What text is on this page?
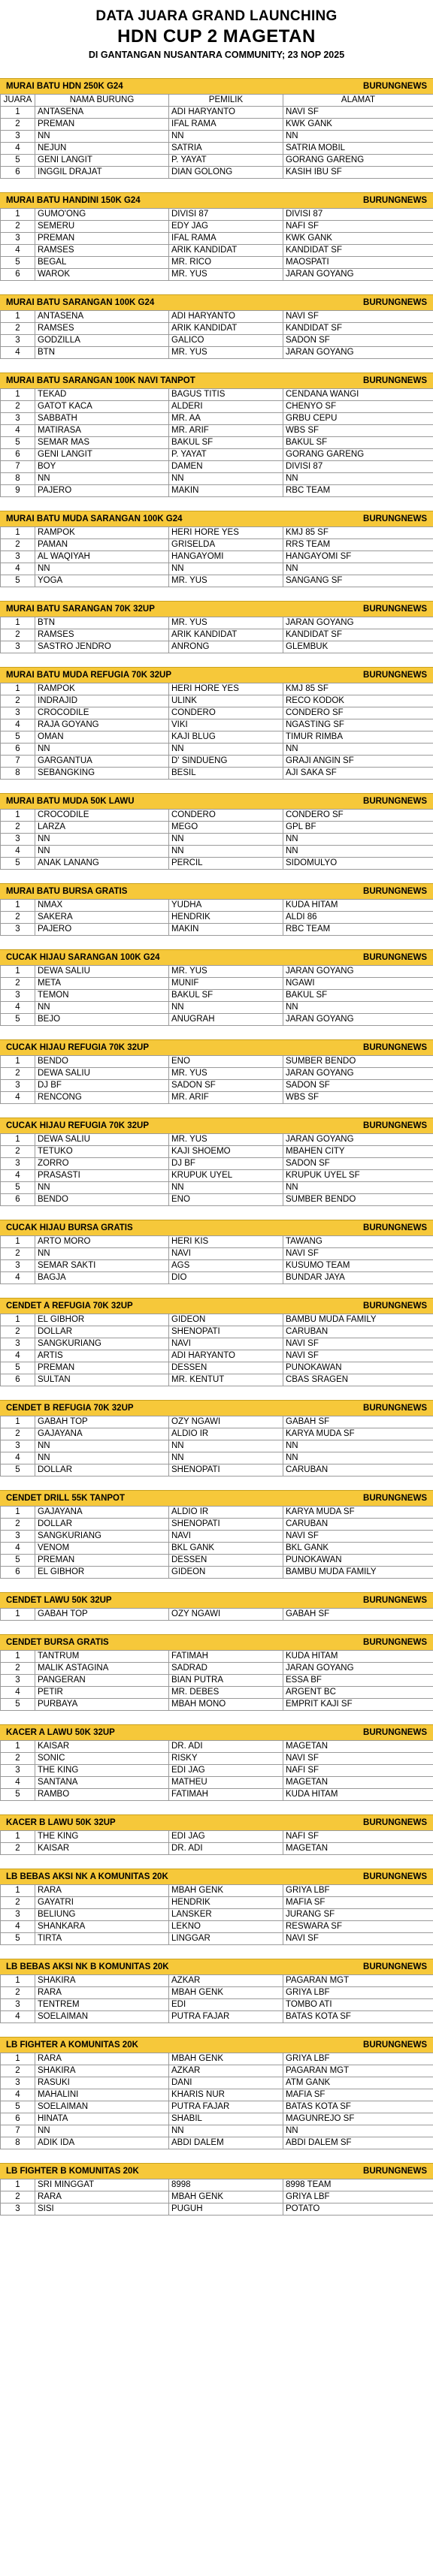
DATA JUARA GRAND LAUNCHING
HDN CUP 2 MAGETAN
DI GANTANGAN NUSANTARA COMMUNITY; 23 NOP 2025
MURAI BATU HDN 250K G24	BURUNGNEWS
JUARA	NAMA BURUNG	PEMILIK	ALAMAT
1	ANTASENA	ADI HARYANTO	NAVI SF
2	PREMAN	IFAL RAMA	KWK GANK
3	NN	NN	NN
4	NEJUN	SATRIA	SATRIA MOBIL
5	GENI LANGIT	P. YAYAT	GORANG GARENG
6	INGGIL DRAJAT	DIAN GOLONG	KASIH IBU SF
MURAI BATU HANDINI 150K G24	BURUNGNEWS
1	GUMO'ONG	DIVISI 87	DIVISI 87
2	SEMERU	EDY JAG	NAFI SF
3	PREMAN	IFAL RAMA	KWK GANK
4	RAMSES	ARIK KANDIDAT	KANDIDAT SF
5	BEGAL	MR. RICO	MAOSPATI
6	WAROK	MR. YUS	JARAN GOYANG
MURAI BATU SARANGAN 100K G24	BURUNGNEWS
1	ANTASENA	ADI HARYANTO	NAVI SF
2	RAMSES	ARIK KANDIDAT	KANDIDAT SF
3	GODZILLA	GALICO	SADON SF
4	BTN	MR. YUS	JARAN GOYANG
MURAI BATU SARANGAN 100K NAVI TANPOT	BURUNGNEWS
1	TEKAD	BAGUS TITIS	CENDANA WANGI
2	GATOT KACA	ALDERI	CHENYO SF
3	SABBATH	MR. AA	GRBU CEPU
4	MATIRASA	MR. ARIF	WBS SF
5	SEMAR MAS	BAKUL SF	BAKUL SF
6	GENI LANGIT	P. YAYAT	GORANG GARENG
7	BOY	DAMEN	DIVISI 87
8	NN	NN	NN
9	PAJERO	MAKIN	RBC TEAM
MURAI BATU MUDA SARANGAN 100K G24	BURUNGNEWS
1	RAMPOK	HERI HORE YES	KMJ 85 SF
2	PAMAN	GRISELDA	RRS TEAM
3	AL WAQIYAH	HANGAYOMI	HANGAYOMI SF
4	NN	NN	NN
5	YOGA	MR. YUS	SANGANG SF
MURAI BATU SARANGAN 70K 32UP	BURUNGNEWS
1	BTN	MR. YUS	JARAN GOYANG
2	RAMSES	ARIK KANDIDAT	KANDIDAT SF
3	SASTRO JENDRO	ANRONG	GLEMBUK
MURAI BATU MUDA REFUGIA 70K 32UP	BURUNGNEWS
1	RAMPOK	HERI HORE YES	KMJ 85 SF
2	INDRAJID	ULINK	RECO KODOK
3	CROCODILE	CONDERO	CONDERO SF
4	RAJA GOYANG	VIKI	NGASTING SF
5	OMAN	KAJI BLUG	TIMUR RIMBA
6	NN	NN	NN
7	GARGANTUA	D' SINDUENG	GRAJI ANGIN SF
8	SEBANGKING	BESIL	AJI SAKA SF
MURAI BATU MUDA 50K LAWU	BURUNGNEWS
1	CROCODILE	CONDERO	CONDERO SF
2	LARZA	MEGO	GPL BF
3	NN	NN	NN
4	NN	NN	NN
5	ANAK LANANG	PERCIL	SIDOMULYO
MURAI BATU BURSA GRATIS	BURUNGNEWS
1	NMAX	YUDHA	KUDA HITAM
2	SAKERA	HENDRIK	ALDI 86
3	PAJERO	MAKIN	RBC TEAM
CUCAK HIJAU SARANGAN 100K G24	BURUNGNEWS
1	DEWA SALIU	MR. YUS	JARAN GOYANG
2	META	MUNIF	NGAWI
3	TEMON	BAKUL SF	BAKUL SF
4	NN	NN	NN
5	BEJO	ANUGRAH	JARAN GOYANG
CUCAK HIJAU REFUGIA 70K 32UP	BURUNGNEWS
1	BENDO	ENO	SUMBER BENDO
2	DEWA SALIU	MR. YUS	JARAN GOYANG
3	DJ BF	SADON SF	SADON SF
4	RENCONG	MR. ARIF	WBS SF
CUCAK HIJAU REFUGIA 70K 32UP	BURUNGNEWS
1	DEWA SALIU	MR. YUS	JARAN GOYANG
2	TETUKO	KAJI SHOEMO	MBAHEN CITY
3	ZORRO	DJ BF	SADON SF
4	PRASASTI	KRUPUK UYEL	KRUPUK UYEL SF
5	NN	NN	NN
6	BENDO	ENO	SUMBER BENDO
CUCAK HIJAU BURSA GRATIS	BURUNGNEWS
1	ARTO MORO	HERI KIS	TAWANG
2	NN	NAVI	NAVI SF
3	SEMAR SAKTI	AGS	KUSUMO TEAM
4	BAGJA	DIO	BUNDAR JAYA
CENDET A REFUGIA 70K 32UP	BURUNGNEWS
1	EL GIBHOR	GIDEON	BAMBU MUDA FAMILY
2	DOLLAR	SHENOPATI	CARUBAN
3	SANGKURIANG	NAVI	NAVI SF
4	ARTIS	ADI HARYANTO	NAVI SF
5	PREMAN	DESSEN	PUNOKAWAN
6	SULTAN	MR. KENTUT	CBAS SRAGEN
CENDET B REFUGIA 70K 32UP	BURUNGNEWS
1	GABAH TOP	OZY NGAWI	GABAH SF
2	GAJAYANA	ALDIO IR	KARYA MUDA SF
3	NN	NN	NN
4	NN	NN	NN
5	DOLLAR	SHENOPATI	CARUBAN
CENDET DRILL 55K TANPOT	BURUNGNEWS
1	GAJAYANA	ALDIO IR	KARYA MUDA SF
2	DOLLAR	SHENOPATI	CARUBAN
3	SANGKURIANG	NAVI	NAVI SF
4	VENOM	BKL GANK	BKL GANK
5	PREMAN	DESSEN	PUNOKAWAN
6	EL GIBHOR	GIDEON	BAMBU MUDA FAMILY
CENDET LAWU 50K 32UP	BURUNGNEWS
1	GABAH TOP	OZY NGAWI	GABAH SF
CENDET BURSA GRATIS	BURUNGNEWS
1	TANTRUM	FATIMAH	KUDA HITAM
2	MALIK ASTAGINA	SADRAD	JARAN GOYANG
3	PANGERAN	BIAN PUTRA	ESSA BF
4	PETIR	MR. DEBES	ARGENT BC
5	PURBAYA	MBAH MONO	EMPRIT KAJI SF
KACER A LAWU 50K 32UP	BURUNGNEWS
1	KAISAR	DR. ADI	MAGETAN
2	SONIC	RISKY	NAVI SF
3	THE KING	EDI JAG	NAFI SF
4	SANTANA	MATHEU	MAGETAN
5	RAMBO	FATIMAH	KUDA HITAM
KACER B LAWU 50K 32UP	BURUNGNEWS
1	THE KING	EDI JAG	NAFI SF
2	KAISAR	DR. ADI	MAGETAN
LB BEBAS AKSI NK A KOMUNITAS 20K	BURUNGNEWS
1	RARA	MBAH GENK	GRIYA LBF
2	GAYATRI	HENDRIK	MAFIA SF
3	BELIUNG	LANSKER	JURANG SF
4	SHANKARA	LEKNO	RESWARA SF
5	TIRTA	LINGGAR	NAVI SF
LB BEBAS AKSI NK B KOMUNITAS 20K	BURUNGNEWS
1	SHAKIRA	AZKAR	PAGARAN MGT
2	RARA	MBAH GENK	GRIYA LBF
3	TENTREM	EDI	TOMBO ATI
4	SOELAIMAN	PUTRA FAJAR	BATAS KOTA SF
LB FIGHTER A KOMUNITAS 20K	BURUNGNEWS
1	RARA	MBAH GENK	GRIYA LBF
2	SHAKIRA	AZKAR	PAGARAN MGT
3	RASUKI	DANI	ATM GANK
4	MAHALINI	KHARIS NUR	MAFIA SF
5	SOELAIMAN	PUTRA FAJAR	BATAS KOTA SF
6	HINATA	SHABIL	MAGUNREJO SF
7	NN	NN	NN
8	ADIK IDA	ABDI DALEM	ABDI DALEM SF
LB FIGHTER B KOMUNITAS 20K	BURUNGNEWS
1	SRI MINGGAT	8998	8998 TEAM
2	RARA	MBAH GENK	GRIYA LBF
3	SISI	PUGUH	POTATO
